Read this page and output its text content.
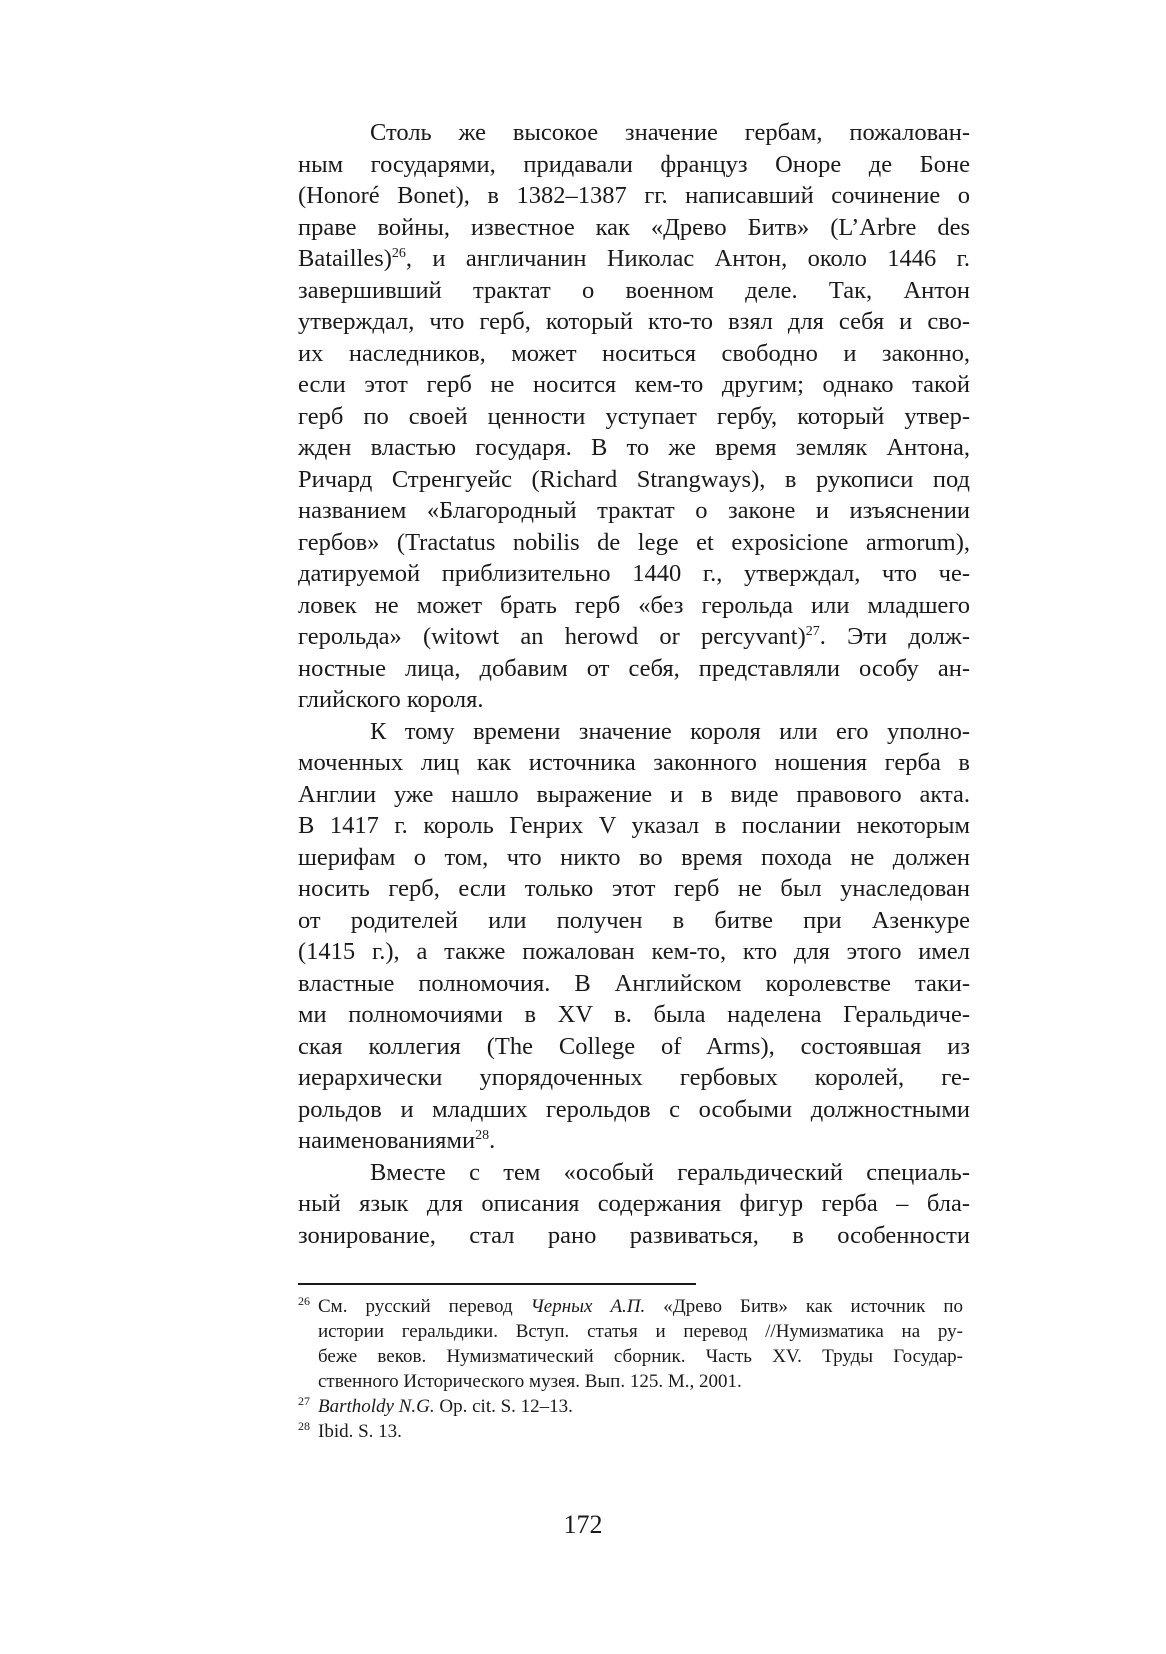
Столь же высокое значение гербам, пожалован-
ным государями, придавали француз Оноре де Боне
(Honoré Bonet), в 1382–1387 гг. написавший сочинение о
праве войны, известное как «Древо Битв» (L’Arbre des
Batailles)$^{26}$, и англичанин Николас Антон, около 1446 г.
завершивший трактат о военном деле. Так, Антон
утверждал, что герб, который кто-то взял для себя и сво-
их наследников, может носиться свободно и законно,
если этот герб не носится кем-то другим; однако такой
герб по своей ценности уступает гербу, который утвер-
жден властью государя. В то же время земляк Антона,
Ричард Стренгуейс (Richard Strangways), в рукописи под
названием «Благородный трактат о законе и изъяснении
гербов» (Tractatus nobilis de lege et exposicione armorum),
датируемой приблизительно 1440 г., утверждал, что че-
ловек не может брать герб «без герольда или младшего
герольда» (witowt an herowd or percyvant)$^{27}$. Эти долж-
ностные лица, добавим от себя, представляли особу ан-
глийского короля.
К тому времени значение короля или его уполно-
моченных лиц как источника законного ношения герба в
Англии уже нашло выражение и в виде правового акта.
В 1417 г. король Генрих V указал в послании некоторым
шерифам о том, что никто во время похода не должен
носить герб, если только этот герб не был унаследован
от родителей или получен в битве при Азенкуре
(1415 г.), а также пожалован кем-то, кто для этого имел
властные полномочия. В Английском королевстве таки-
ми полномочиями в XV в. была наделена Геральдиче-
ская коллегия (The College of Arms), состоявшая из
иерархически упорядоченных гербовых королей, ге-
рольдов и младших герольдов с особыми должностными
наименованиями$^{28}$.
Вместе с тем «особый геральдический специаль-
ный язык для описания содержания фигур герба – бла-
зонирование, стал рано развиваться, в особенности
$^{26}$ См. русский перевод Черных А.П. «Древо Битв» как источник по
истории геральдики. Вступ. статья и перевод //Нумизматика на ру-
беже веков. Нумизматический сборник. Часть XV. Труды Государ-
ственного Исторического музея. Вып. 125. М., 2001.
$^{27}$ Bartholdy N.G. Op. cit. S. 12–13.
$^{28}$ Ibid. S. 13.
172
